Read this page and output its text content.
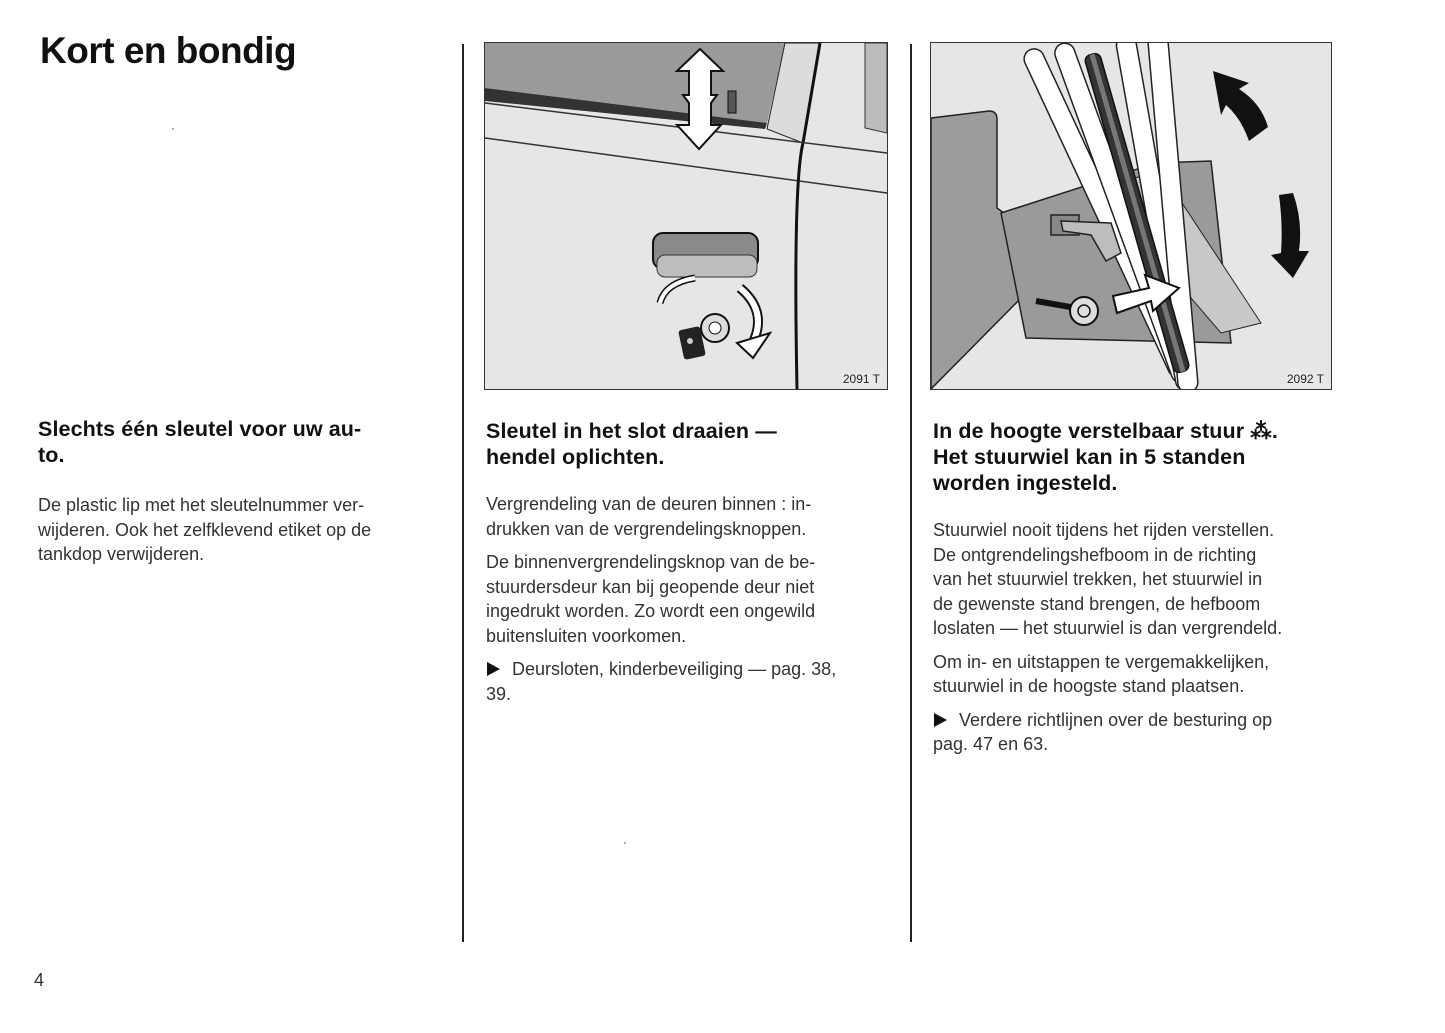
Kort en bondig
Slechts één sleutel voor uw au-
to.

De plastic lip met het sleutelnummer ver-
wijderen. Ook het zelfklevend etiket op de
tankdop verwijderen.

2091 T
Sleutel in het slot draaien —
hendel oplichten.

Vergrendeling van de deuren binnen : in-
drukken van de vergrendelingsknoppen.

De binnenvergrendelingsknop van de be-
stuurdersdeur kan bij geopende deur niet
ingedrukt worden. Zo wordt een ongewild
buitensluiten voorkomen.

Deursloten, kinderbeveiliging — pag. 38,

39.

2092 T
In de hoogte verstelbaar stuur ⁂.
Het stuurwiel kan in 5 standen
worden ingesteld.

Stuurwiel nooit tijdens het rijden verstellen.
De ontgrendelingshefboom in de richting
van het stuurwiel trekken, het stuurwiel in
de gewenste stand brengen, de hefboom
loslaten — het stuurwiel is dan vergrendeld.

Om in- en uitstappen te vergemakkelijken,
stuurwiel in de hoogste stand plaatsen.

Verdere richtlijnen over de besturing op

pag. 47 en 63.

4
